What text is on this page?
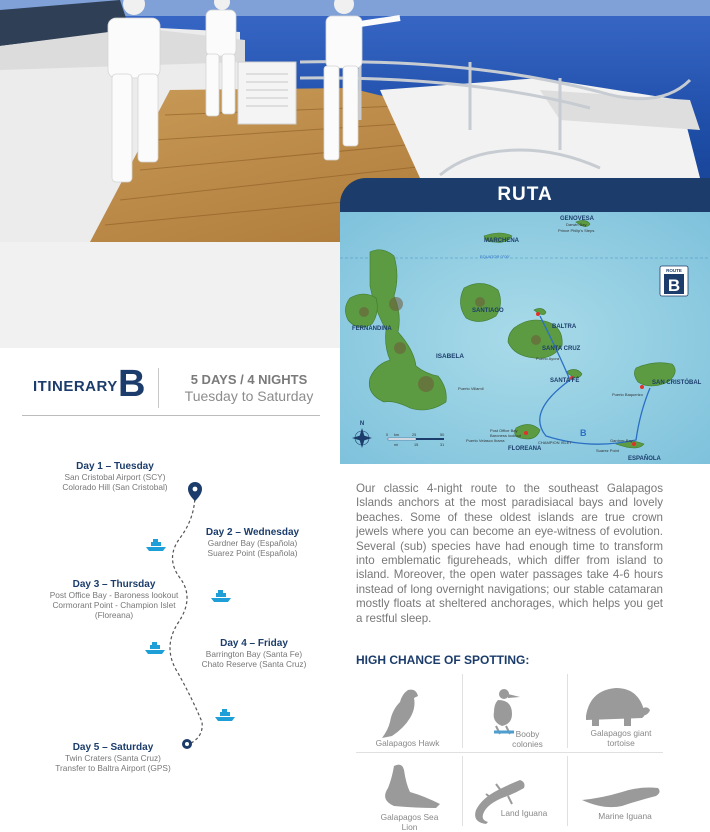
RUTA
GENOVESA
MARCHENA
FERNANDINA
ISABELA
SANTIAGO
BALTRA
SANTA CRUZ
SANTA FÉ	SAN CRISTÓBAL
FLOREANA
ESPAÑOLA
Darwin Bay
Prince Philip's Steps
EQUATOR 0°00'
Puerto Ayora
Puerto Baquerizo
Puerto Villamil
Puerto Velasco Ibarra	CHAMPION ISLET
Post Office Bay
Baroness lookout
Gardner Bay
Suarez Point
B
ROUTE
B
N
0	25	50
km
mi	15	31
ITINERARY B	5 DAYS / 4 NIGHTS
Tuesday to Saturday
Day 1 – Tuesday
San Cristobal Airport (SCY)
Colorado Hill (San Cristobal)
Day 2 – Wednesday
Gardner Bay (Española)
Suarez Point (Española)
Day 3 – Thursday
Post Office Bay - Baroness lookout
Cormorant Point - Champion Islet
(Floreana)
Day 4 – Friday
Barrington Bay (Santa Fe)
Chato Reserve (Santa Cruz)
Day 5 – Saturday
Twin Craters (Santa Cruz)
Transfer to Baltra Airport (GPS)
Our classic 4-night route to the southeast Galapagos Islands anchors at the most paradisiacal bays and lovely beaches. Some of these oldest islands are true crown jewels where you can become an eye-witness of evolution. Several (sub) species have had enough time to transform into emblematic figureheads, which differ from island to island. Moreover, the open water passages take 4-6 hours instead of long overnight navigations; our stable catamaran mostly floats at sheltered anchorages, which helps you get a restful sleep.
HIGH CHANCE OF SPOTTING:
Galapagos Hawk
Booby colonies
Galapagos giant tortoise
Galapagos Sea Lion
Land Iguana	Marine Iguana
